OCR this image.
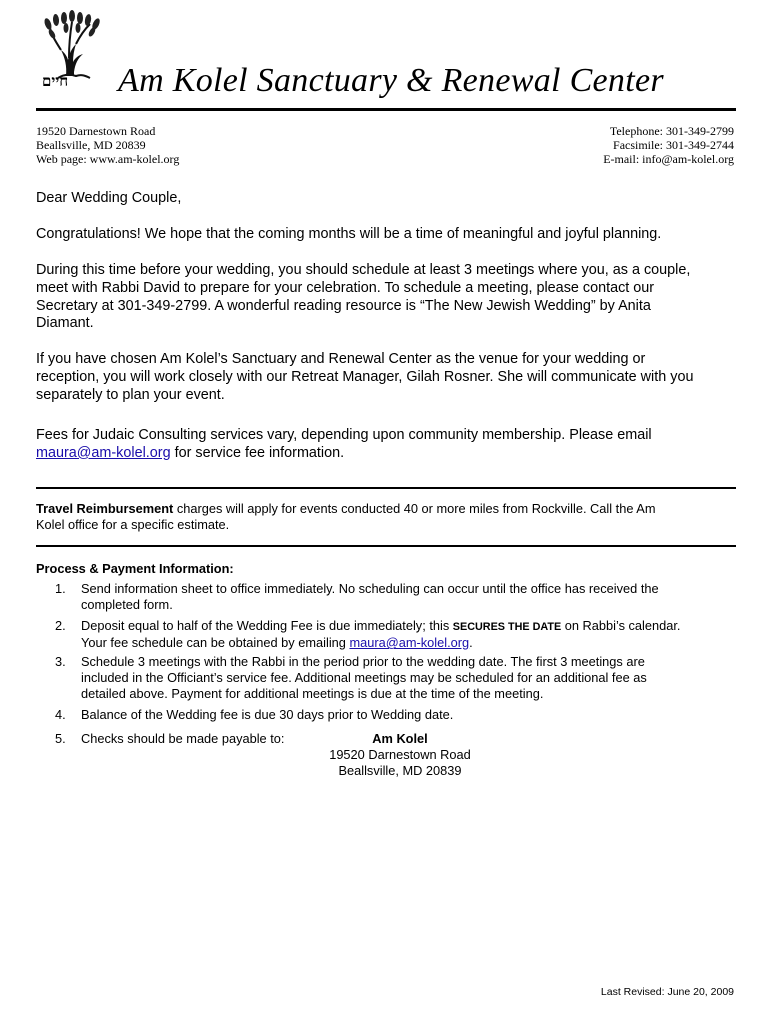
חיים Am Kolel Sanctuary & Renewal Center
19520 Darnestown Road
Beallsville, MD 20839
Web page: www.am-kolel.org
Telephone: 301-349-2799
Facsimile: 301-349-2744
E-mail: info@am-kolel.org
Dear Wedding Couple,
Congratulations! We hope that the coming months will be a time of meaningful and joyful planning.
During this time before your wedding, you should schedule at least 3 meetings where you, as a couple,
meet with Rabbi David to prepare for your celebration. To schedule a meeting, please contact our
Secretary at 301-349-2799. A wonderful reading resource is “The New Jewish Wedding” by Anita
Diamant.
If you have chosen Am Kolel’s Sanctuary and Renewal Center as the venue for your wedding or
reception, you will work closely with our Retreat Manager, Gilah Rosner. She will communicate with you
separately to plan your event.
Fees for Judaic Consulting services vary, depending upon community membership. Please email
maura@am-kolel.org for service fee information.
Travel Reimbursement charges will apply for events conducted 40 or more miles from Rockville. Call the Am
Kolel office for a specific estimate.
Process & Payment Information:
1.	Send information sheet to office immediately. No scheduling can occur until the office has received the
completed form.
2.	Deposit equal to half of the Wedding Fee is due immediately; this SECURES THE DATE on Rabbi’s calendar.
Your fee schedule can be obtained by emailing maura@am-kolel.org.
3.	Schedule 3 meetings with the Rabbi in the period prior to the wedding date. The first 3 meetings are
included in the Officiant’s service fee. Additional meetings may be scheduled for an additional fee as
detailed above. Payment for additional meetings is due at the time of the meeting.
4.	Balance of the Wedding fee is due 30 days prior to Wedding date.
5.	Checks should be made payable to:	Am Kolel
19520 Darnestown Road
Beallsville, MD 20839
Last Revised: June 20, 2009
